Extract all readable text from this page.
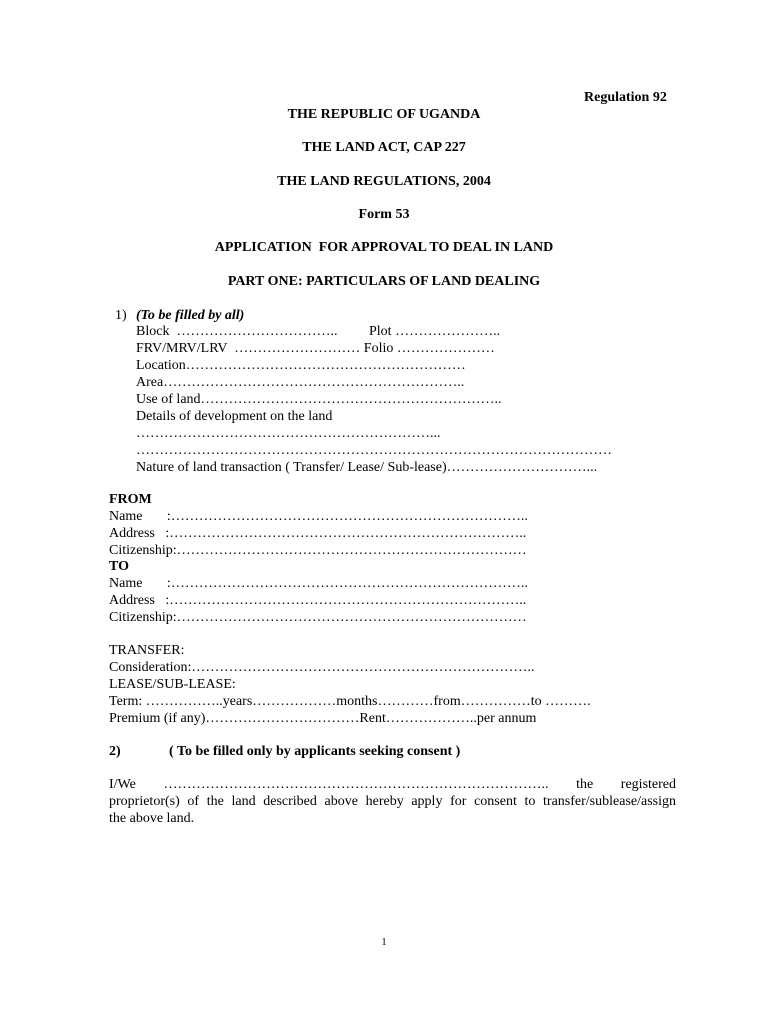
Regulation 92
THE REPUBLIC OF UGANDA
THE LAND ACT, CAP 227
THE LAND REGULATIONS, 2004
Form 53
APPLICATION  FOR APPROVAL TO DEAL IN LAND
PART ONE: PARTICULARS OF LAND DEALING
1) (To be filled by all)
Block  …………………………….. Plot …………………..
FRV/MRV/LRV  ……………………… Folio …………………
Location……………………………………………………
Area………………………………………………………..
Use of land………………………………………………………..
Details of development on the land
………………………………………………………...
…………………………………………………………………………………………
Nature of land transaction ( Transfer/ Lease/ Sub-lease)…………………………...
FROM
Name       :…………………………………………………………………..
Address   :…………………………………………………………………..
Citizenship:…………………………………………………………………
TO
Name       :…………………………………………………………………..
Address   :…………………………………………………………………..
Citizenship:…………………………………………………………………
TRANSFER:
Consideration:………………………………………………………………..
LEASE/SUB-LEASE:
Term: ……………..years………………months…………from……………to ……….
Premium (if any)……………………………Rent………………..per annum
2)	( To be filled only by applicants seeking consent )
I/We ……………………………………………………………………….. the registered
proprietor(s) of the land described above hereby apply for consent to transfer/sublease/assign
the above land.
1
